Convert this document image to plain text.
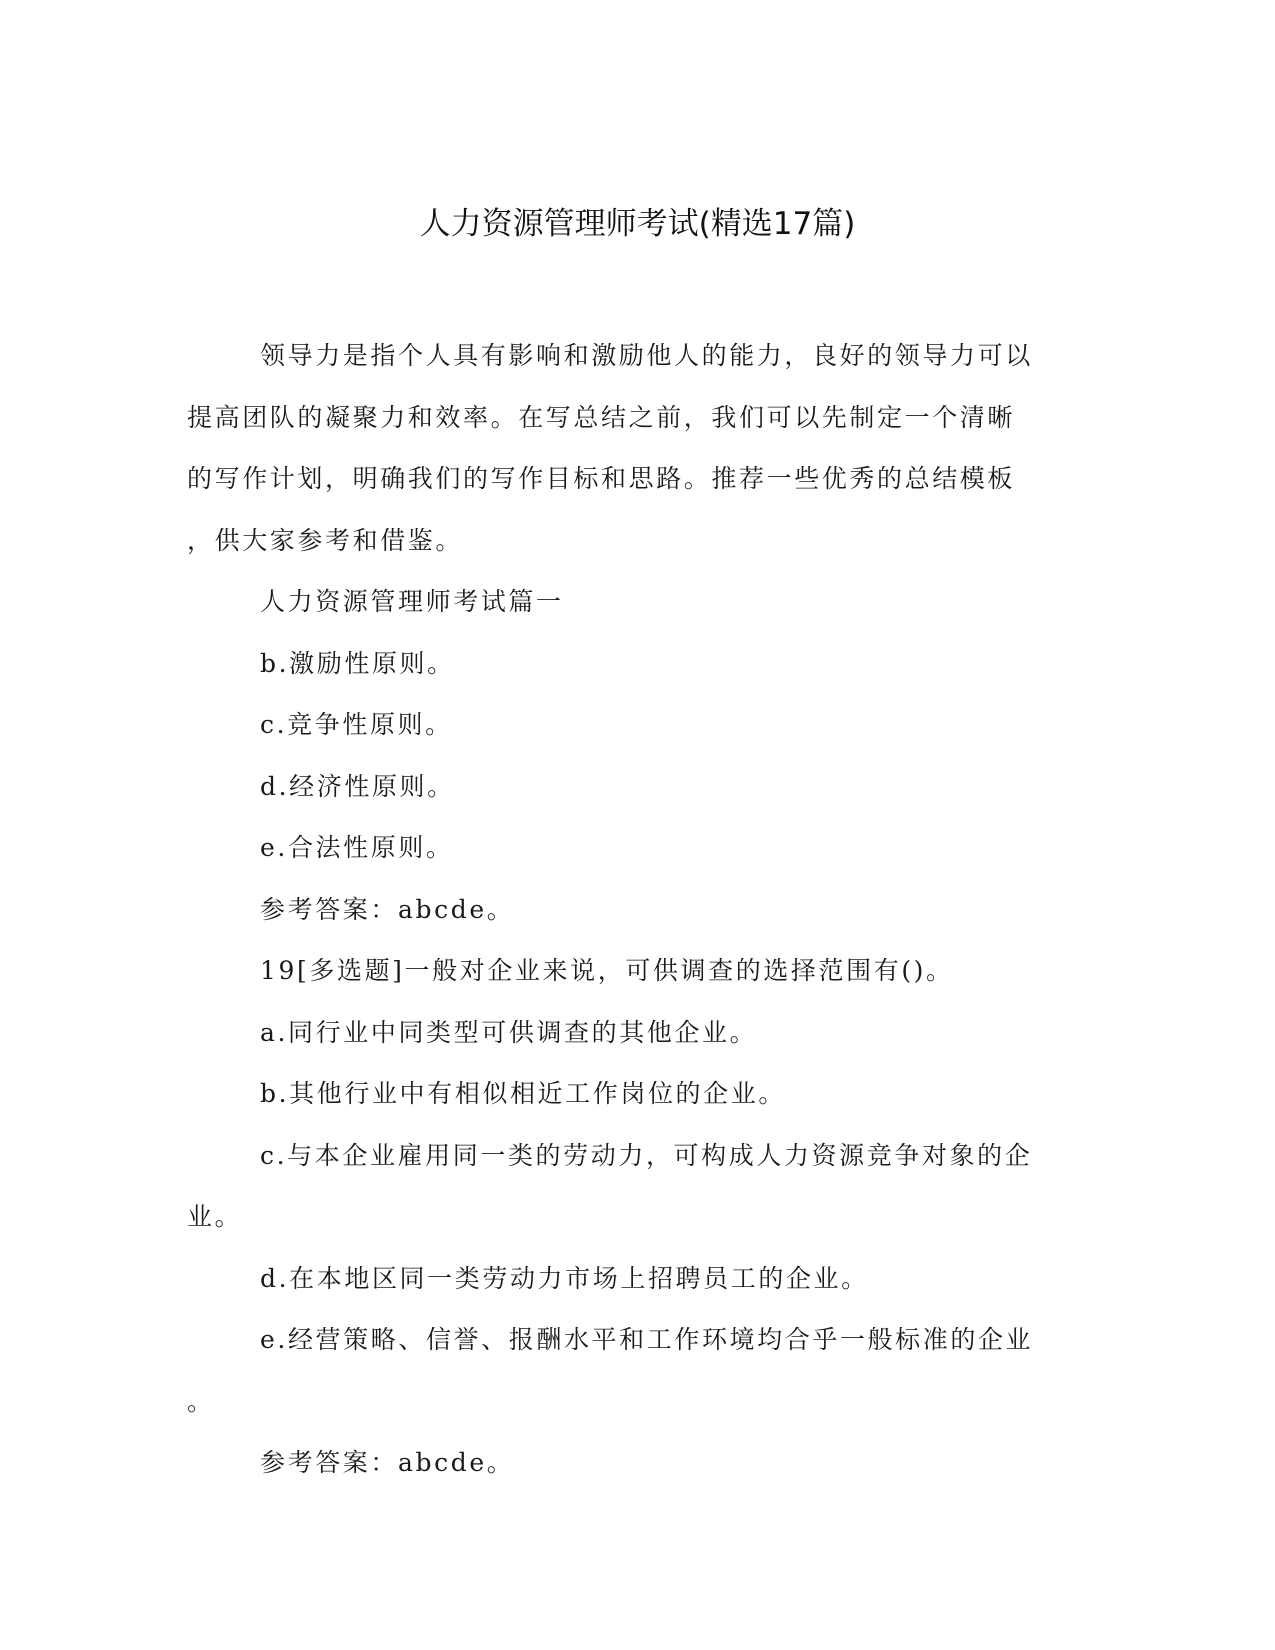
人力资源管理师考试(精选17篇)
领导力是指个人具有影响和激励他人的能力，良好的领导力可以
提高团队的凝聚力和效率。在写总结之前，我们可以先制定一个清晰
的写作计划，明确我们的写作目标和思路。推荐一些优秀的总结模板
，供大家参考和借鉴。
人力资源管理师考试篇一
b.激励性原则。
c.竞争性原则。
d.经济性原则。
e.合法性原则。
参考答案：abcde。
19[多选题]一般对企业来说，可供调查的选择范围有()。
a.同行业中同类型可供调查的其他企业。
b.其他行业中有相似相近工作岗位的企业。
c.与本企业雇用同一类的劳动力，可构成人力资源竞争对象的企
业。
d.在本地区同一类劳动力市场上招聘员工的企业。
e.经营策略、信誉、报酬水平和工作环境均合乎一般标准的企业
。
参考答案：abcde。
